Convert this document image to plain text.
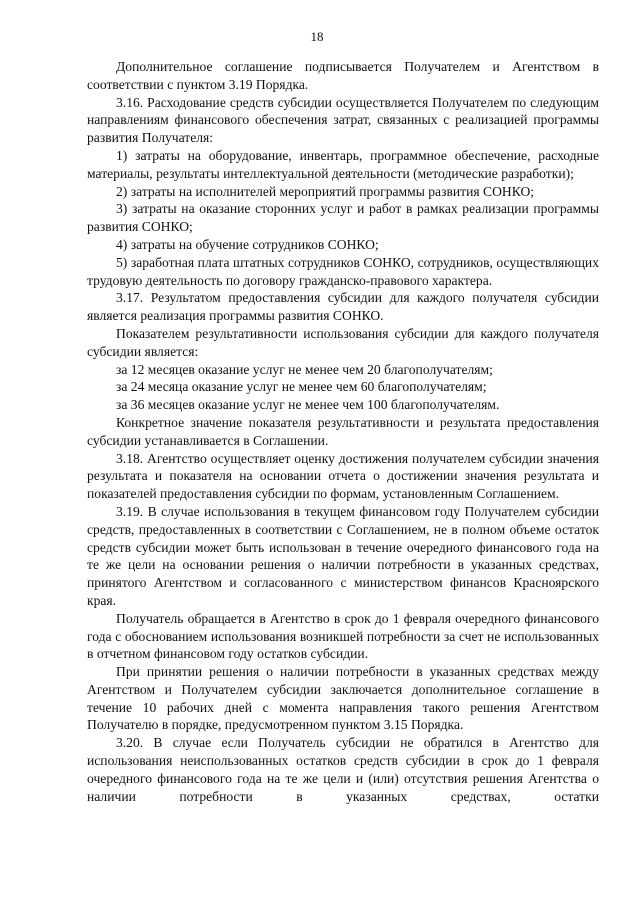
18
Дополнительное соглашение подписывается Получателем и Агентством в соответствии с пунктом 3.19 Порядка.
3.16. Расходование средств субсидии осуществляется Получателем по следующим направлениям финансового обеспечения затрат, связанных с реализацией программы развития Получателя:
1) затраты на оборудование, инвентарь, программное обеспечение, расходные материалы, результаты интеллектуальной деятельности (методические разработки);
2) затраты на исполнителей мероприятий программы развития СОНКО;
3) затраты на оказание сторонних услуг и работ в рамках реализации программы развития СОНКО;
4) затраты на обучение сотрудников СОНКО;
5) заработная плата штатных сотрудников СОНКО, сотрудников, осуществляющих трудовую деятельность по договору гражданско-правового характера.
3.17. Результатом предоставления субсидии для каждого получателя субсидии является реализация программы развития СОНКО.
Показателем результативности использования субсидии для каждого получателя субсидии является:
за 12 месяцев оказание услуг не менее чем 20 благополучателям;
за 24 месяца оказание услуг не менее чем 60 благополучателям;
за 36 месяцев оказание услуг не менее чем 100 благополучателям.
Конкретное значение показателя результативности и результата предоставления субсидии устанавливается в Соглашении.
3.18. Агентство осуществляет оценку достижения получателем субсидии значения результата и показателя на основании отчета о достижении значения результата и показателей предоставления субсидии по формам, установленным Соглашением.
3.19. В случае использования в текущем финансовом году Получателем субсидии средств, предоставленных в соответствии с Соглашением, не в полном объеме остаток средств субсидии может быть использован в течение очередного финансового года на те же цели на основании решения о наличии потребности в указанных средствах, принятого Агентством и согласованного с министерством финансов Красноярского края.
Получатель обращается в Агентство в срок до 1 февраля очередного финансового года с обоснованием использования возникшей потребности за счет не использованных в отчетном финансовом году остатков субсидии.
При принятии решения о наличии потребности в указанных средствах между Агентством и Получателем субсидии заключается дополнительное соглашение в течение 10 рабочих дней с момента направления такого решения Агентством Получателю в порядке, предусмотренном пунктом 3.15 Порядка.
3.20. В случае если Получатель субсидии не обратился в Агентство для использования неиспользованных остатков средств субсидии в срок до 1 февраля очередного финансового года на те же цели и (или) отсутствия решения Агентства о наличии потребности в указанных средствах, остатки
